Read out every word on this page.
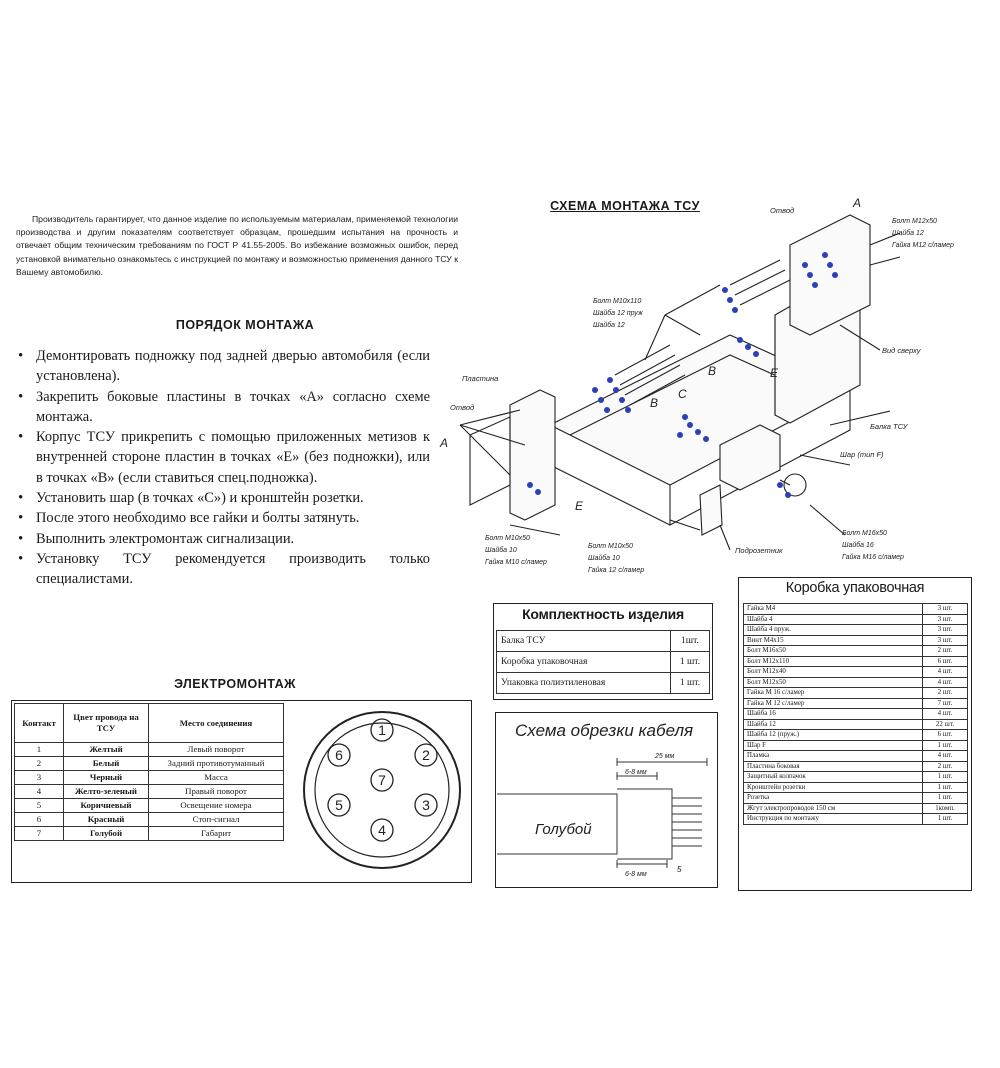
Производитель гарантирует, что данное изделие по используемым материалам, применяемой технологии производства и другим показателям соответствует образцам, прошедшим испытания на прочность и отвечает общим техническим требованиям по ГОСТ Р 41.55-2005. Во избежание возможных ошибок, перед установкой внимательно ознакомьтесь с инструкцией по монтажу и возможностью применения данного ТСУ к Вашему автомобилю.
ПОРЯДОК МОНТАЖА
• Демонтировать подножку под задней дверью автомобиля (если установлена).
• Закрепить боковые пластины в точках «А» согласно схеме монтажа.
• Корпус ТСУ прикрепить с помощью приложенных метизов к внутренней стороне пластин в точках «Е» (без подножки), или в точках «В» (если ставиться спец.подножка).
• Установить шар (в точках «С») и кронштейн розетки.
• После этого необходимо все гайки и болты затянуть.
• Выполнить электромонтаж сигнализации.
• Установку ТСУ рекомендуется производить только специалистами.
СХЕМА МОНТАЖА ТСУ	A
A
B
B
C
E
E
Отвод
Пластина
Отвод
Балка ТСУ
Шар (тип F)
Подрозетник
Вид сверху
Болт М12х50
Шайба 12
Гайка М12 с/ламер
Болт М10х110
Шайба 12 пруж
Шайба 12
Болт М10х50
Шайба 10
Гайка М10 с/ламер
Болт М10х50
Шайба 10
Гайка 12 с/ламер
Болт М16х50
Шайба 16
Гайка М16 с/ламер
ЭЛЕКТРОМОНТАЖ
Контакт	Цвет провода на ТСУ	Место соединения
1	Желтый	Левый поворот
2	Белый	Задний противотуманный
3	Черный	Масса
4	Желто-зеленый	Правый поворот
5	Коричневый	Освещение номера
6	Красный	Стоп-сигнал
7	Голубой	Габарит
1
2
3
4
5
6
7
Комплектность изделия
Балка ТСУ	1шт.
Коробка упаковочная	1 шт.
Упаковка полиэтиленовая	1 шт.
Схема обрезки кабеля
25 мм
6-8 мм
6-8 мм
5
Голубой
Коробка упаковочная
Гайка М4	3 шт.
Шайба 4	3 шт.
Шайба 4 пруж.	3 шт.
Винт М4х15	3 шт.
Болт М16х50	2 шт.
Болт М12х110	6 шт.
Болт М12х40	4 шт.
Болт М12х50	4 шт.
Гайка М 16 с/ламер	2 шт.
Гайка М 12 с/ламер	7 шт.
Шайба 16	4 шт.
Шайба 12	22 шт.
Шайба 12 (пруж.)	6 шт.
Шар F	1 шт.
Пламка	4 шт.
Пластина боковая	2 шт.
Защитный колпачок	1 шт.
Кронштейн розетки	1 шт.
Розетка	1 шт.
Жгут электропроводов 150 см	1комп.
Инструкция по монтажу	1 шт.
